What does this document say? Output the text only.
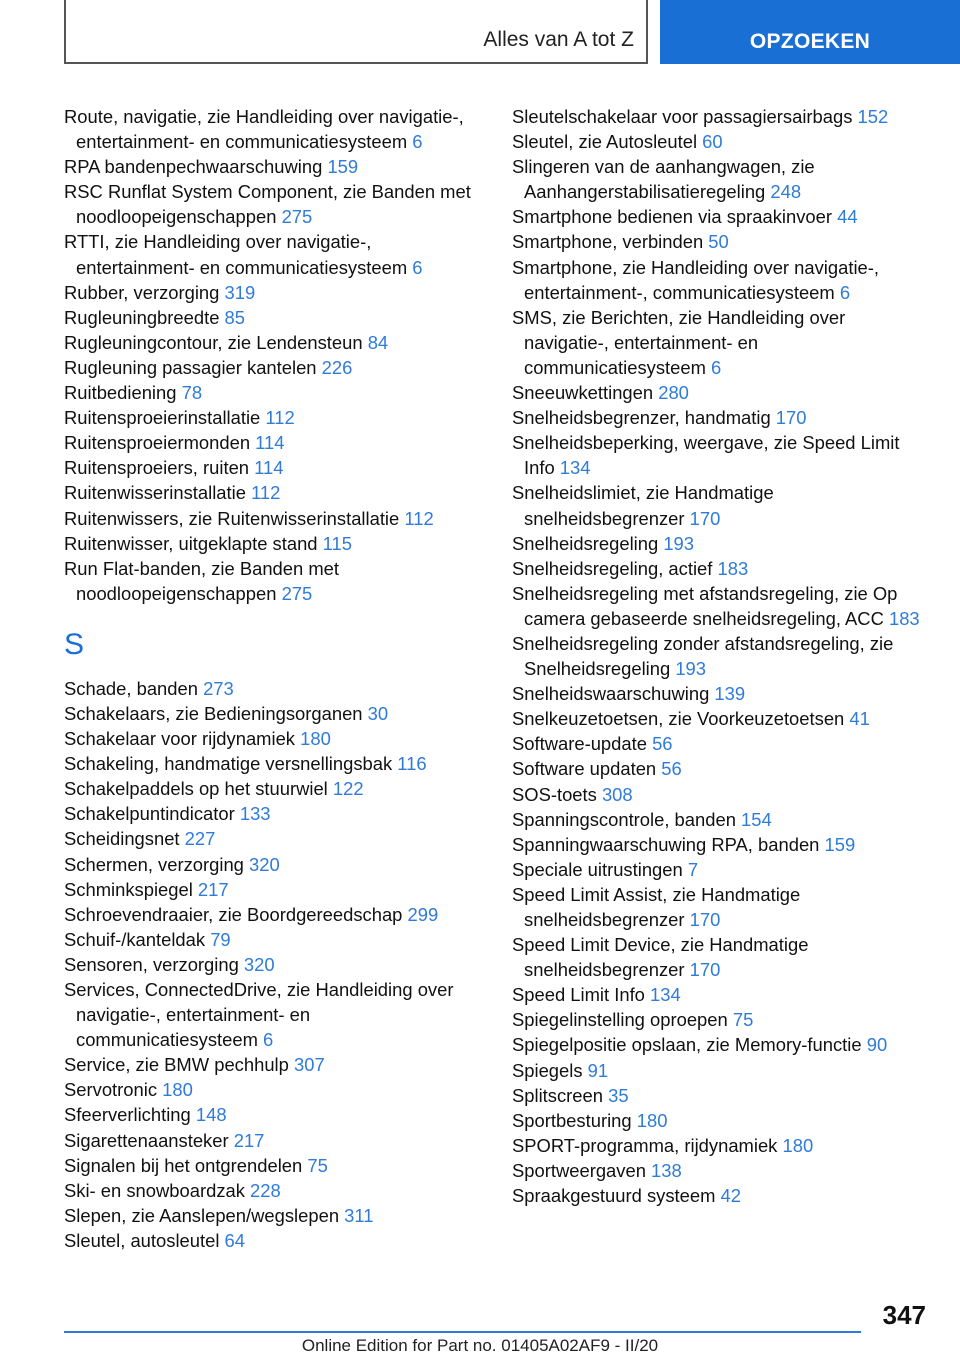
Alles van A tot Z	OPZOEKEN
Route, navigatie, zie Handleiding over navigatie-, entertainment- en communicatiesysteem 6
RPA bandenpechwaarschuwing 159
RSC Runflat System Component, zie Banden met noodloopeigenschappen 275
RTTI, zie Handleiding over navigatie-, entertainment- en communicatiesysteem 6
Rubber, verzorging 319
Rugleuningbreedte 85
Rugleuningcontour, zie Lendensteun 84
Rugleuning passagier kantelen 226
Ruitbediening 78
Ruitensproeierinstallatie 112
Ruitensproeiermonden 114
Ruitensproeiers, ruiten 114
Ruitenwisserinstallatie 112
Ruitenwissers, zie Ruitenwisserinstallatie 112
Ruitenwisser, uitgeklapte stand 115
Run Flat-banden, zie Banden met noodloopeigenschappen 275
S
Schade, banden 273
Schakelaars, zie Bedieningsorganen 30
Schakelaar voor rijdynamiek 180
Schakeling, handmatige versnellingsbak 116
Schakelpaddels op het stuurwiel 122
Schakelpuntindicator 133
Scheidingsnet 227
Schermen, verzorging 320
Schminkspiegel 217
Schroevendraaier, zie Boordgereedschap 299
Schuif-/kanteldak 79
Sensoren, verzorging 320
Services, ConnectedDrive, zie Handleiding over navigatie-, entertainment- en communicatiesysteem 6
Service, zie BMW pechhulp 307
Servotronic 180
Sfeerverlichting 148
Sigarettenaansteker 217
Signalen bij het ontgrendelen 75
Ski- en snowboardzak 228
Slepen, zie Aanslepen/wegslepen 311
Sleutel, autosleutel 64
Sleutelschakelaar voor passagiersairbags 152
Sleutel, zie Autosleutel 60
Slingeren van de aanhangwagen, zie Aanhangerstabilisatieregeling 248
Smartphone bedienen via spraakinvoer 44
Smartphone, verbinden 50
Smartphone, zie Handleiding over navigatie-, entertainment-, communicatiesysteem 6
SMS, zie Berichten, zie Handleiding over navigatie-, entertainment- en communicatiesysteem 6
Sneeuwkettingen 280
Snelheidsbegrenzer, handmatig 170
Snelheidsbeperking, weergave, zie Speed Limit Info 134
Snelheidslimiet, zie Handmatige snelheidsbegrenzer 170
Snelheidsregeling 193
Snelheidsregeling, actief 183
Snelheidsregeling met afstandsregeling, zie Op camera gebaseerde snelheidsregeling, ACC 183
Snelheidsregeling zonder afstandsregeling, zie Snelheidsregeling 193
Snelheidswaarschuwing 139
Snelkeuzetoetsen, zie Voorkeuzetoetsen 41
Software-update 56
Software updaten 56
SOS-toets 308
Spanningscontrole, banden 154
Spanningwaarschuwing RPA, banden 159
Speciale uitrustingen 7
Speed Limit Assist, zie Handmatige snelheidsbegrenzer 170
Speed Limit Device, zie Handmatige snelheidsbegrenzer 170
Speed Limit Info 134
Spiegelinstelling oproepen 75
Spiegelpositie opslaan, zie Memory-functie 90
Spiegels 91
Splitscreen 35
Sportbesturing 180
SPORT-programma, rijdynamiek 180
Sportweergaven 138
Spraakgestuurd systeem 42
347
Online Edition for Part no. 01405A02AF9 - II/20
